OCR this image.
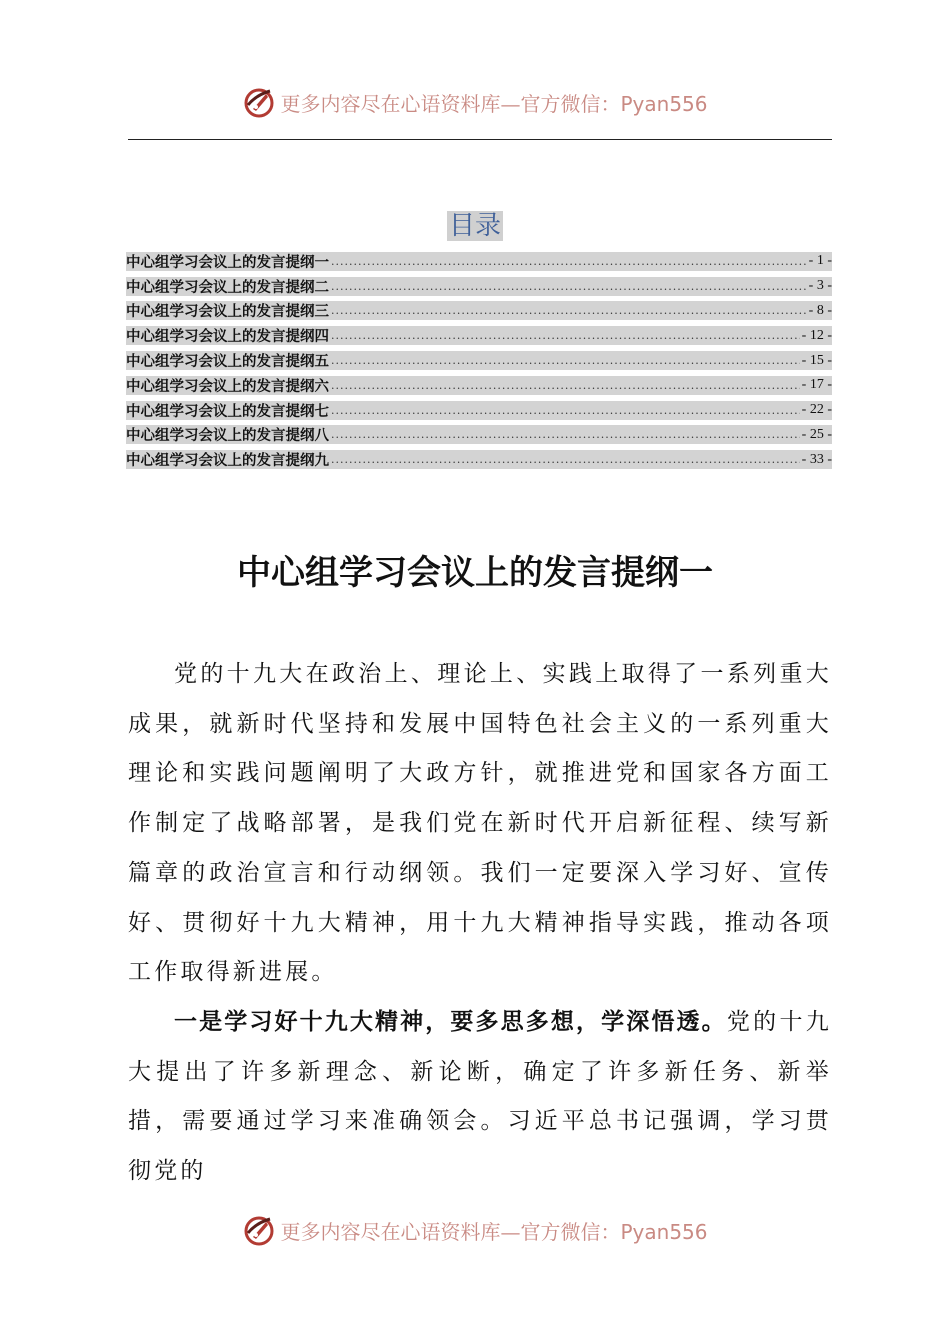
更多内容尽在心语资料库—官方微信：Pyan556
目录
中心组学习会议上的发言提纲一 .....	- 1 -
中心组学习会议上的发言提纲二 .....	- 3 -
中心组学习会议上的发言提纲三 .....	- 8 -
中心组学习会议上的发言提纲四 .....	- 12 -
中心组学习会议上的发言提纲五 .....	- 15 -
中心组学习会议上的发言提纲六 .....	- 17 -
中心组学习会议上的发言提纲七 .....	- 22 -
中心组学习会议上的发言提纲八 .....	- 25 -
中心组学习会议上的发言提纲九 .....	- 33 -
中心组学习会议上的发言提纲一

党的十九大在政治上、理论上、实践上取得了一系列重大成果，就新时代坚持和发展中国特色社会主义的一系列重大理论和实践问题阐明了大政方针，就推进党和国家各方面工作制定了战略部署，是我们党在新时代开启新征程、续写新篇章的政治宣言和行动纲领。我们一定要深入学习好、宣传好、贯彻好十九大精神，用十九大精神指导实践，推动各项工作取得新进展。

一是学习好十九大精神，要多思多想，学深悟透。党的十九大提出了许多新理念、新论断，确定了许多新任务、新举措，需要通过学习来准确领会。习近平总书记强调，学习贯彻党的

更多内容尽在心语资料库—官方微信：Pyan556
